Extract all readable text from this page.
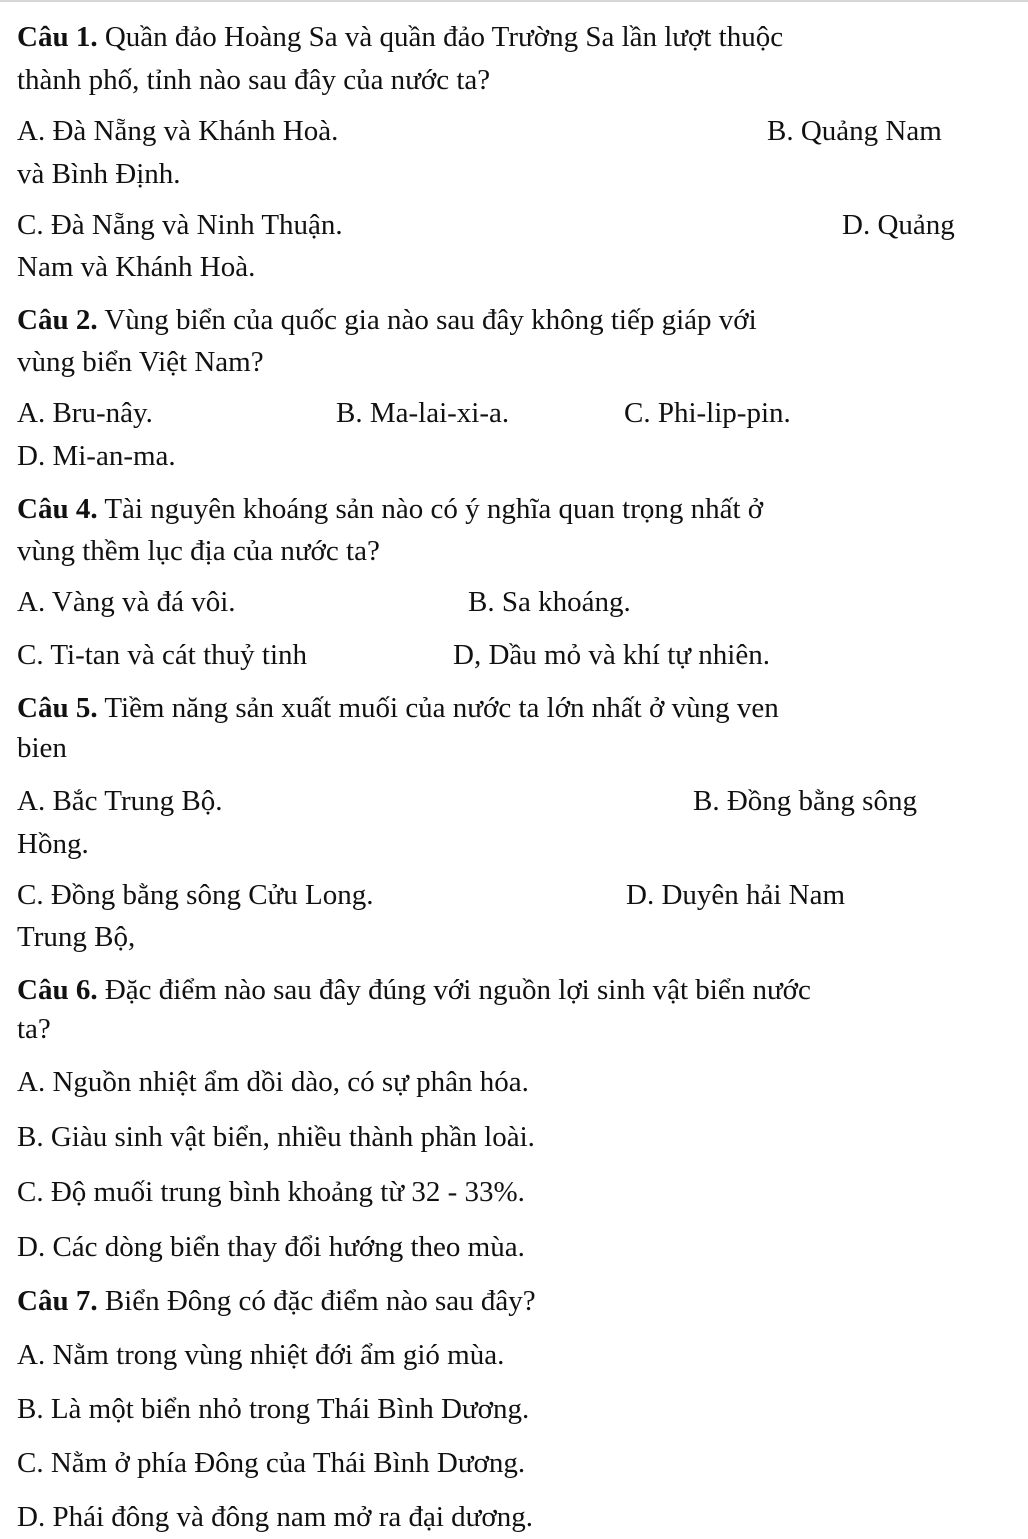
Câu 1. Quần đảo Hoàng Sa và quần đảo Trường Sa lần lượt thuộc
thành phố, tỉnh nào sau đây của nước ta?
A. Đà Nẵng và Khánh Hoà.	B. Quảng Nam
và Bình Định.
C. Đà Nẵng và Ninh Thuận.	D. Quảng
Nam và Khánh Hoà.
Câu 2. Vùng biển của quốc gia nào sau đây không tiếp giáp với
vùng biển Việt Nam?
A. Bru-nây.	B. Ma-lai-xi-a.	C. Phi-lip-pin.
D. Mi-an-ma.
Câu 4. Tài nguyên khoáng sản nào có ý nghĩa quan trọng nhất ở
vùng thềm lục địa của nước ta?
A. Vàng và đá vôi.	B. Sa khoáng.
C. Ti-tan và cát thuỷ tinh	D, Dầu mỏ và khí tự nhiên.
Câu 5. Tiềm năng sản xuất muối của nước ta lớn nhất ở vùng ven
bien
A. Bắc Trung Bộ.	B. Đồng bằng sông
Hồng.
C. Đồng bằng sông Cửu Long.	D. Duyên hải Nam
Trung Bộ,
Câu 6. Đặc điểm nào sau đây đúng với nguồn lợi sinh vật biển nước
ta?
A. Nguồn nhiệt ẩm dồi dào, có sự phân hóa.
B. Giàu sinh vật biển, nhiều thành phần loài.
C. Độ muối trung bình khoảng từ 32 - 33%.
D. Các dòng biển thay đổi hướng theo mùa.
Câu 7. Biển Đông có đặc điểm nào sau đây?
A. Nằm trong vùng nhiệt đới ẩm gió mùa.
B. Là một biển nhỏ trong Thái Bình Dương.
C. Nằm ở phía Đông của Thái Bình Dương.
D. Phái đông và đông nam mở ra đại dương.
